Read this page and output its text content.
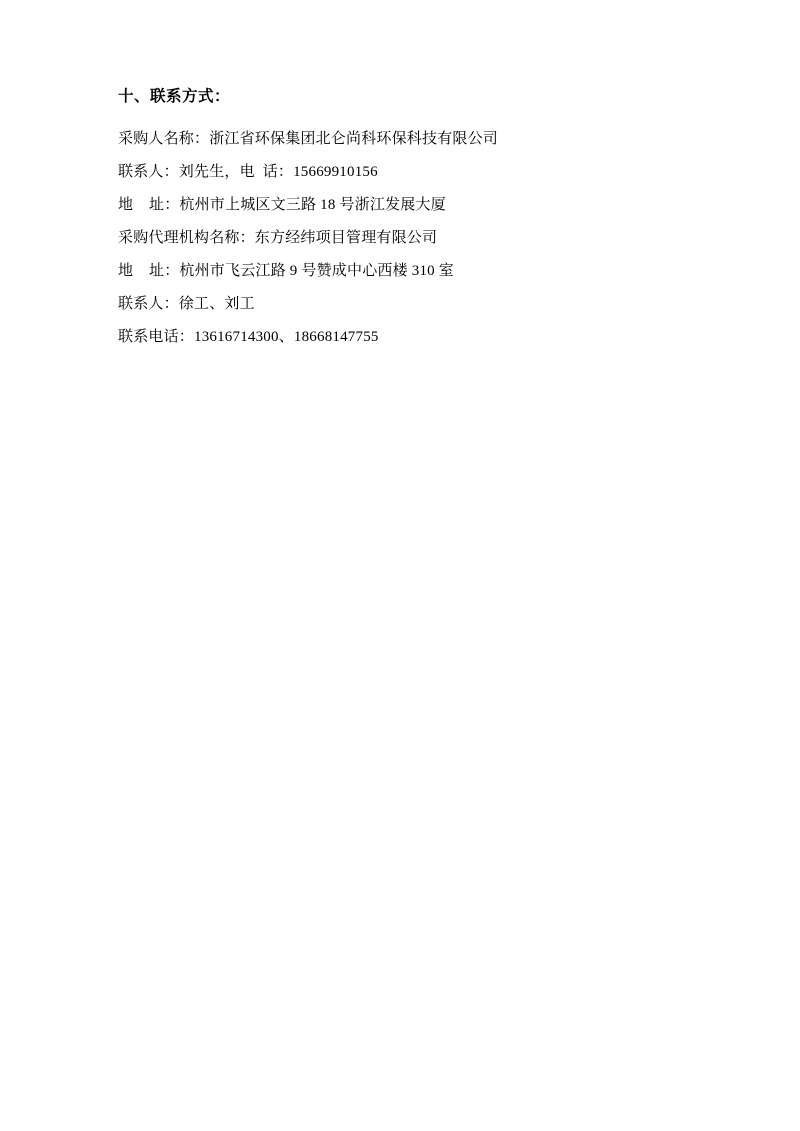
十、联系方式：
采购人名称：浙江省环保集团北仑尚科环保科技有限公司
联系人：刘先生，电  话：15669910156
地    址：杭州市上城区文三路 18 号浙江发展大厦
采购代理机构名称：东方经纬项目管理有限公司
地    址：杭州市飞云江路 9 号赞成中心西楼 310 室
联系人：徐工、刘工
联系电话：13616714300、18668147755
